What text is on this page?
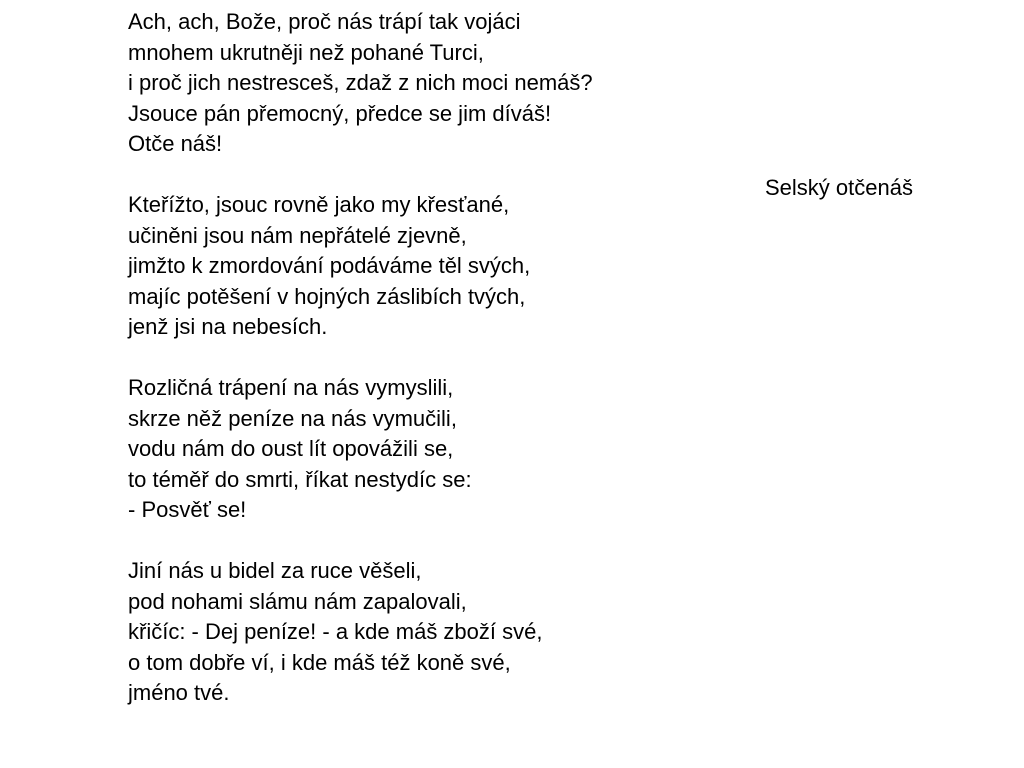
Ach, ach, Bože, proč nás trápí tak vojáci
mnohem ukrutněji než pohané Turci,
i proč jich nestresceš, zdaž z nich moci nemáš?
Jsouce pán přemocný, předce se jim díváš!
Otče náš!

Kteřížto, jsouc rovně jako my křesťané,
učiněni jsou nám nepřátelé zjevně,
jimžto k zmordování podáváme těl svých,
majíc potěšení v hojných záslibích tvých,
jenž jsi na nebesích.

Rozličná trápení na nás vymyslili,
skrze něž peníze na nás vymučili,
vodu nám do oust lít opovážili se,
to téměř do smrti, říkat nestydíc se:
- Posvěť se!

Jiní nás u bidel za ruce věšeli,
pod nohami slámu nám zapalovali,
křičíc: - Dej peníze! - a kde máš zboží své,
o tom dobře ví, i kde máš též koně své,
jméno tvé.

Selský otčenáš
